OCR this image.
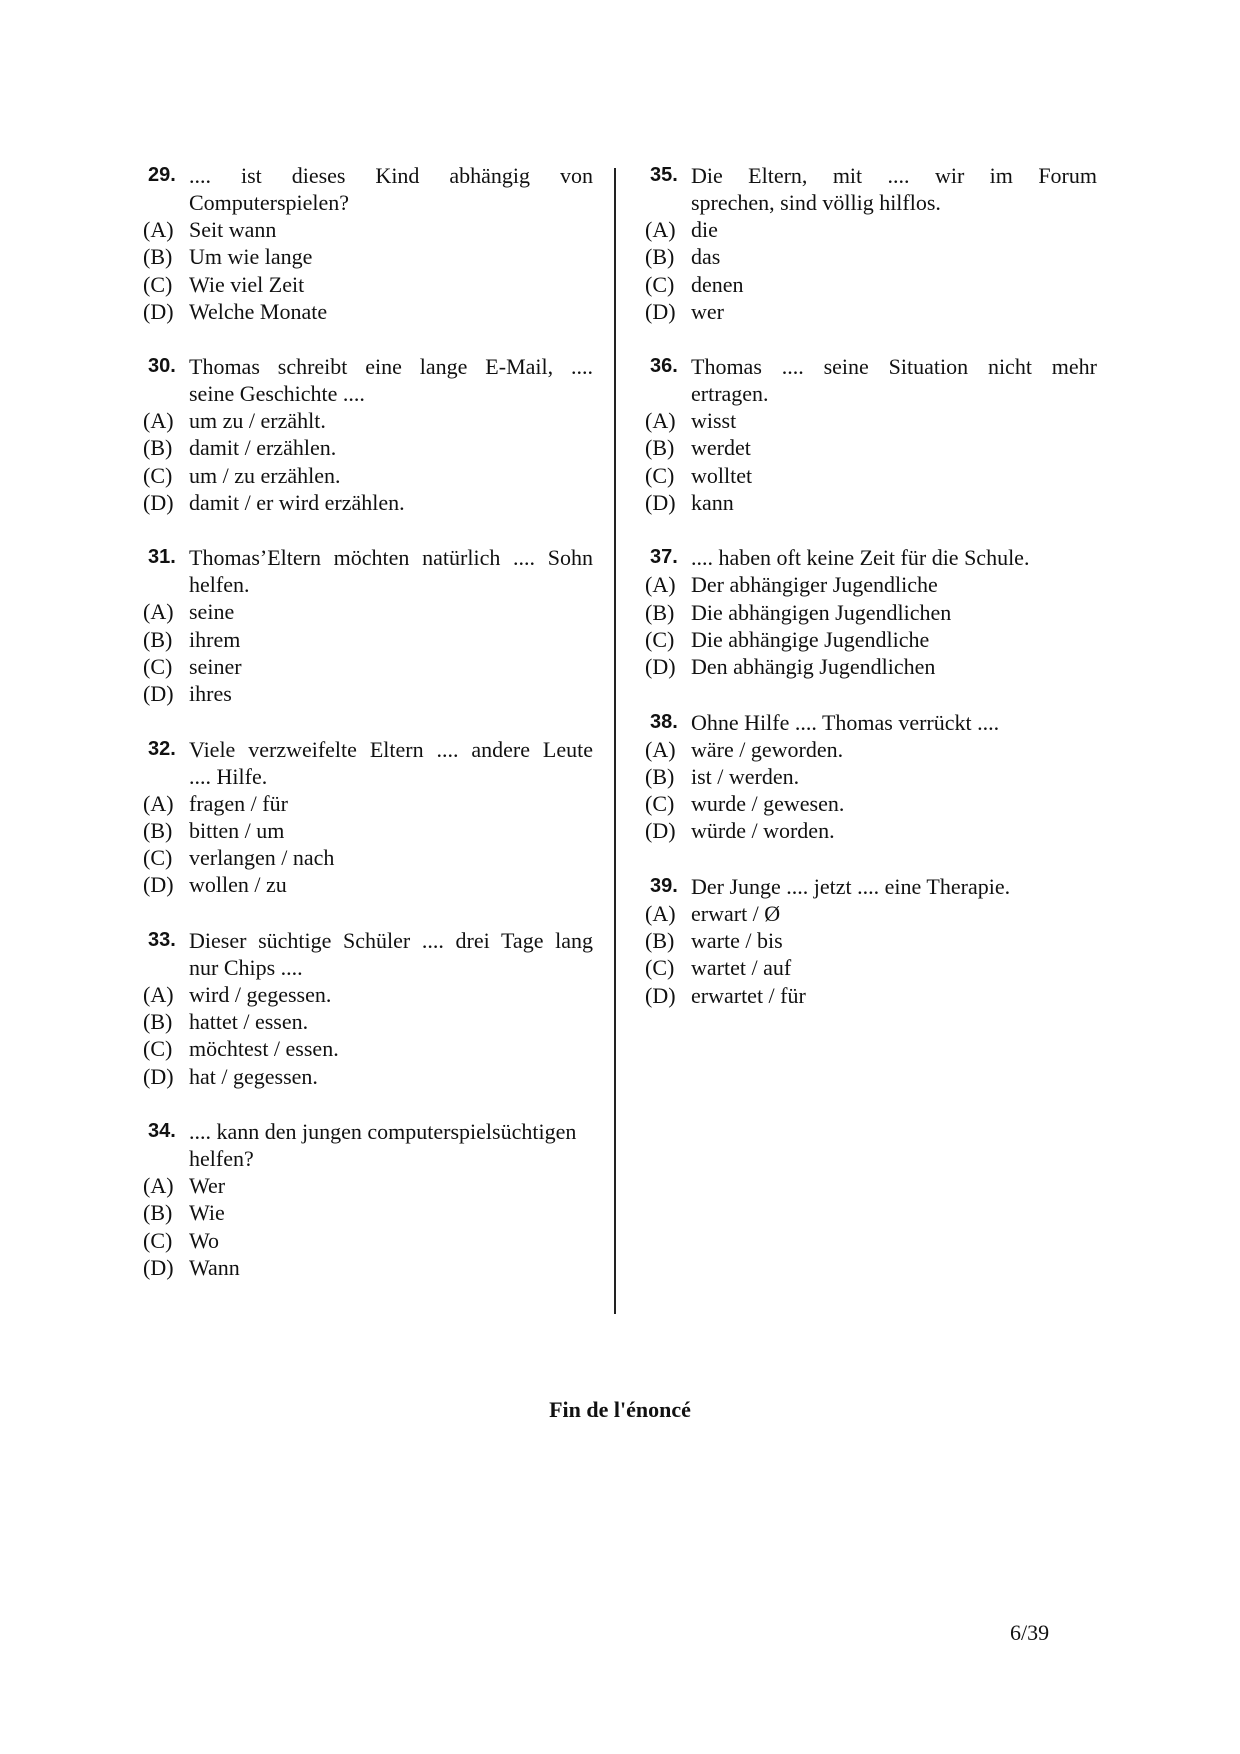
29. .... ist dieses Kind abhängig von
Computerspielen?
(A) Seit wann
(B) Um wie lange
(C) Wie viel Zeit
(D) Welche Monate
30. Thomas schreibt eine lange E-Mail, ....
seine Geschichte ....
(A) um zu / erzählt.
(B) damit / erzählen.
(C) um / zu erzählen.
(D) damit / er wird erzählen.
31. Thomas’Eltern möchten natürlich .... Sohn
helfen.
(A) seine
(B) ihrem
(C) seiner
(D) ihres
32. Viele verzweifelte Eltern .... andere Leute
.... Hilfe.
(A) fragen / für
(B) bitten / um
(C) verlangen / nach
(D) wollen / zu
33. Dieser süchtige Schüler .... drei Tage lang
nur Chips ....
(A) wird / gegessen.
(B) hattet / essen.
(C) möchtest / essen.
(D) hat / gegessen.
34. .... kann den jungen computerspielsüchtigen
helfen?
(A) Wer
(B) Wie
(C) Wo
(D) Wann
35. Die Eltern, mit .... wir im Forum
sprechen, sind völlig hilflos.
(A) die
(B) das
(C) denen
(D) wer
36. Thomas .... seine Situation nicht mehr
ertragen.
(A) wisst
(B) werdet
(C) wolltet
(D) kann
37. .... haben oft keine Zeit für die Schule.
(A) Der abhängiger Jugendliche
(B) Die abhängigen Jugendlichen
(C) Die abhängige Jugendliche
(D) Den abhängig Jugendlichen
38. Ohne Hilfe .... Thomas verrückt ....
(A) wäre / geworden.
(B) ist / werden.
(C) wurde / gewesen.
(D) würde / worden.
39. Der Junge .... jetzt .... eine Therapie.
(A) erwart / Ø
(B) warte / bis
(C) wartet / auf
(D) erwartet / für
Fin de l'énoncé
6/39
